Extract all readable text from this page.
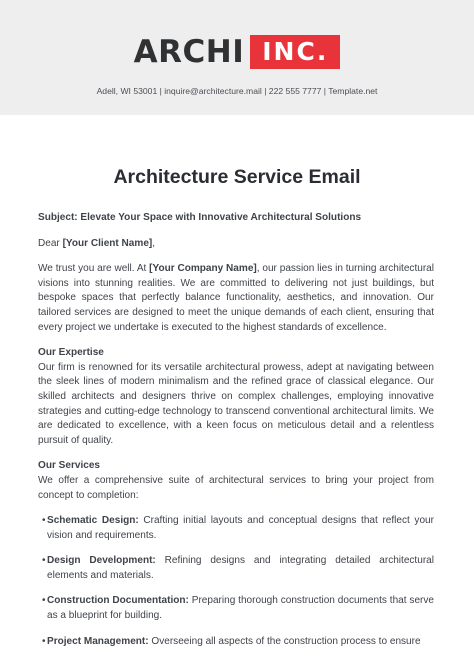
ARCHI INC.
Adell, WI 53001 | inquire@architecture.mail | 222 555 7777 | Template.net
Architecture Service Email

Subject: Elevate Your Space with Innovative Architectural Solutions

Dear [Your Client Name],

We trust you are well. At [Your Company Name], our passion lies in turning architectural visions into stunning realities. We are committed to delivering not just buildings, but bespoke spaces that perfectly balance functionality, aesthetics, and innovation. Our tailored services are designed to meet the unique demands of each client, ensuring that every project we undertake is executed to the highest standards of excellence.

Our Expertise

Our firm is renowned for its versatile architectural prowess, adept at navigating between the sleek lines of modern minimalism and the refined grace of classical elegance. Our skilled architects and designers thrive on complex challenges, employing innovative strategies and cutting-edge technology to transcend conventional architectural limits. We are dedicated to excellence, with a keen focus on meticulous detail and a relentless pursuit of quality.

Our Services

We offer a comprehensive suite of architectural services to bring your project from concept to completion:

• Schematic Design: Crafting initial layouts and conceptual designs that reflect your vision and requirements.
• Design Development: Refining designs and integrating detailed architectural elements and materials.
• Construction Documentation: Preparing thorough construction documents that serve as a blueprint for building.
• Project Management: Overseeing all aspects of the construction process to ensure
